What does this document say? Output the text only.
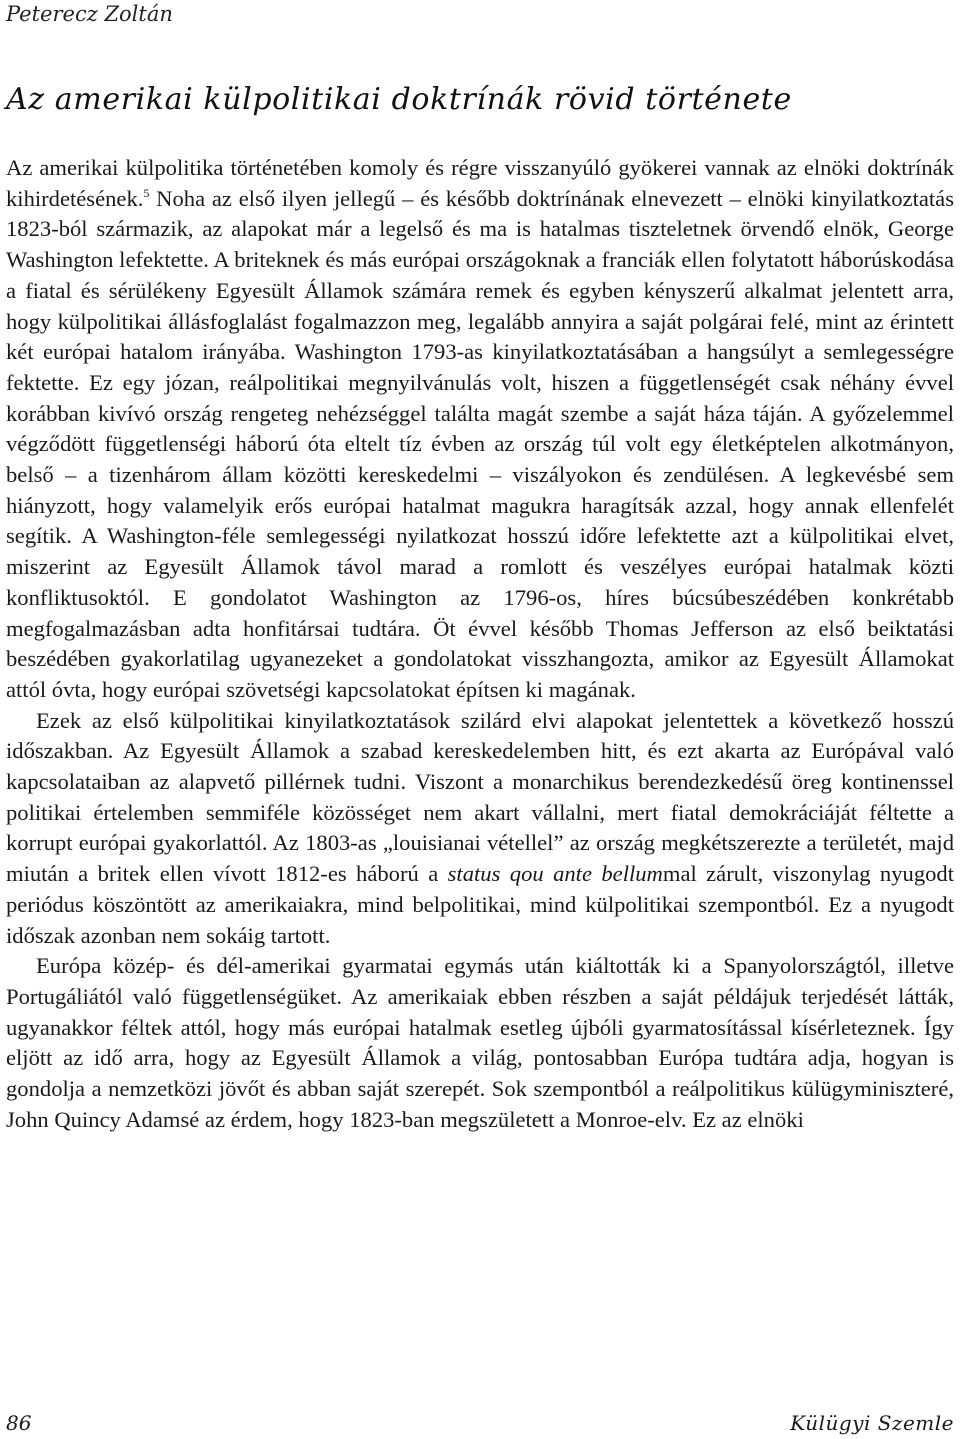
Peterecz Zoltán
Az amerikai külpolitikai doktrínák rövid története

Az amerikai külpolitika történetében komoly és régre visszanyúló gyökerei vannak az elnöki doktrínák kihirdetésének.$^5$ Noha az első ilyen jellegű – és később doktrínának elnevezett – elnöki kinyilatkoztatás 1823-ból származik, az alapokat már a legelső és ma is hatalmas tiszteletnek örvendő elnök, George Washington lefektette. A briteknek és más európai országoknak a franciák ellen folytatott háborúskodása a fiatal és sérülékeny Egyesült Államok számára remek és egyben kényszerű alkalmat jelentett arra, hogy külpolitikai állásfoglalást fogalmazzon meg, legalább annyira a saját polgárai felé, mint az érintett két európai hatalom irányába. Washington 1793-as kinyilatkoztatásában a hangsúlyt a semlegességre fektette. Ez egy józan, reálpolitikai megnyilvánulás volt, hiszen a függetlenségét csak néhány évvel korábban kivívó ország rengeteg nehézséggel találta magát szembe a saját háza táján. A győzelemmel végződött függetlenségi háború óta eltelt tíz évben az ország túl volt egy életképtelen alkotmányon, belső – a tizenhárom állam közötti kereskedelmi – viszályokon és zendülésen. A legkevésbé sem hiányzott, hogy valamelyik erős európai hatalmat magukra haragítsák azzal, hogy annak ellenfelét segítik. A Washington-féle semlegességi nyilatkozat hosszú időre lefektette azt a külpolitikai elvet, miszerint az Egyesült Államok távol marad a romlott és veszélyes európai hatalmak közti konfliktusoktól. E gondolatot Washington az 1796-os, híres búcsúbeszédében konkrétabb megfogalmazásban adta honfitársai tudtára. Öt évvel később Thomas Jefferson az első beiktatási beszédében gyakorlatilag ugyanezeket a gondolatokat visszhangozta, amikor az Egyesült Államokat attól óvta, hogy európai szövetségi kapcsolatokat építsen ki magának.

Ezek az első külpolitikai kinyilatkoztatások szilárd elvi alapokat jelentettek a következő hosszú időszakban. Az Egyesült Államok a szabad kereskedelemben hitt, és ezt akarta az Európával való kapcsolataiban az alapvető pillérnek tudni. Viszont a monarchikus berendezkedésű öreg kontinenssel politikai értelemben semmiféle közösséget nem akart vállalni, mert fiatal demokráciáját féltette a korrupt európai gyakorlattól. Az 1803-as „louisianai vétellel” az ország megkétszerezte a területét, majd miután a britek ellen vívott 1812-es háború a status qou ante bellummal zárult, viszonylag nyugodt periódus köszöntött az amerikaiakra, mind belpolitikai, mind külpolitikai szempontból. Ez a nyugodt időszak azonban nem sokáig tartott.

Európa közép- és dél-amerikai gyarmatai egymás után kiáltották ki a Spanyolországtól, illetve Portugáliától való függetlenségüket. Az amerikaiak ebben részben a saját példájuk terjedését látták, ugyanakkor féltek attól, hogy más európai hatalmak esetleg újbóli gyarmatosítással kísérleteznek. Így eljött az idő arra, hogy az Egyesült Államok a világ, pontosabban Európa tudtára adja, hogyan is gondolja a nemzetközi jövőt és abban saját szerepét. Sok szempontból a reálpolitikus külügyminiszteré, John Quincy Adamsé az érdem, hogy 1823-ban megszületett a Monroe-elv. Ez az elnöki

86	Külügyi Szemle
